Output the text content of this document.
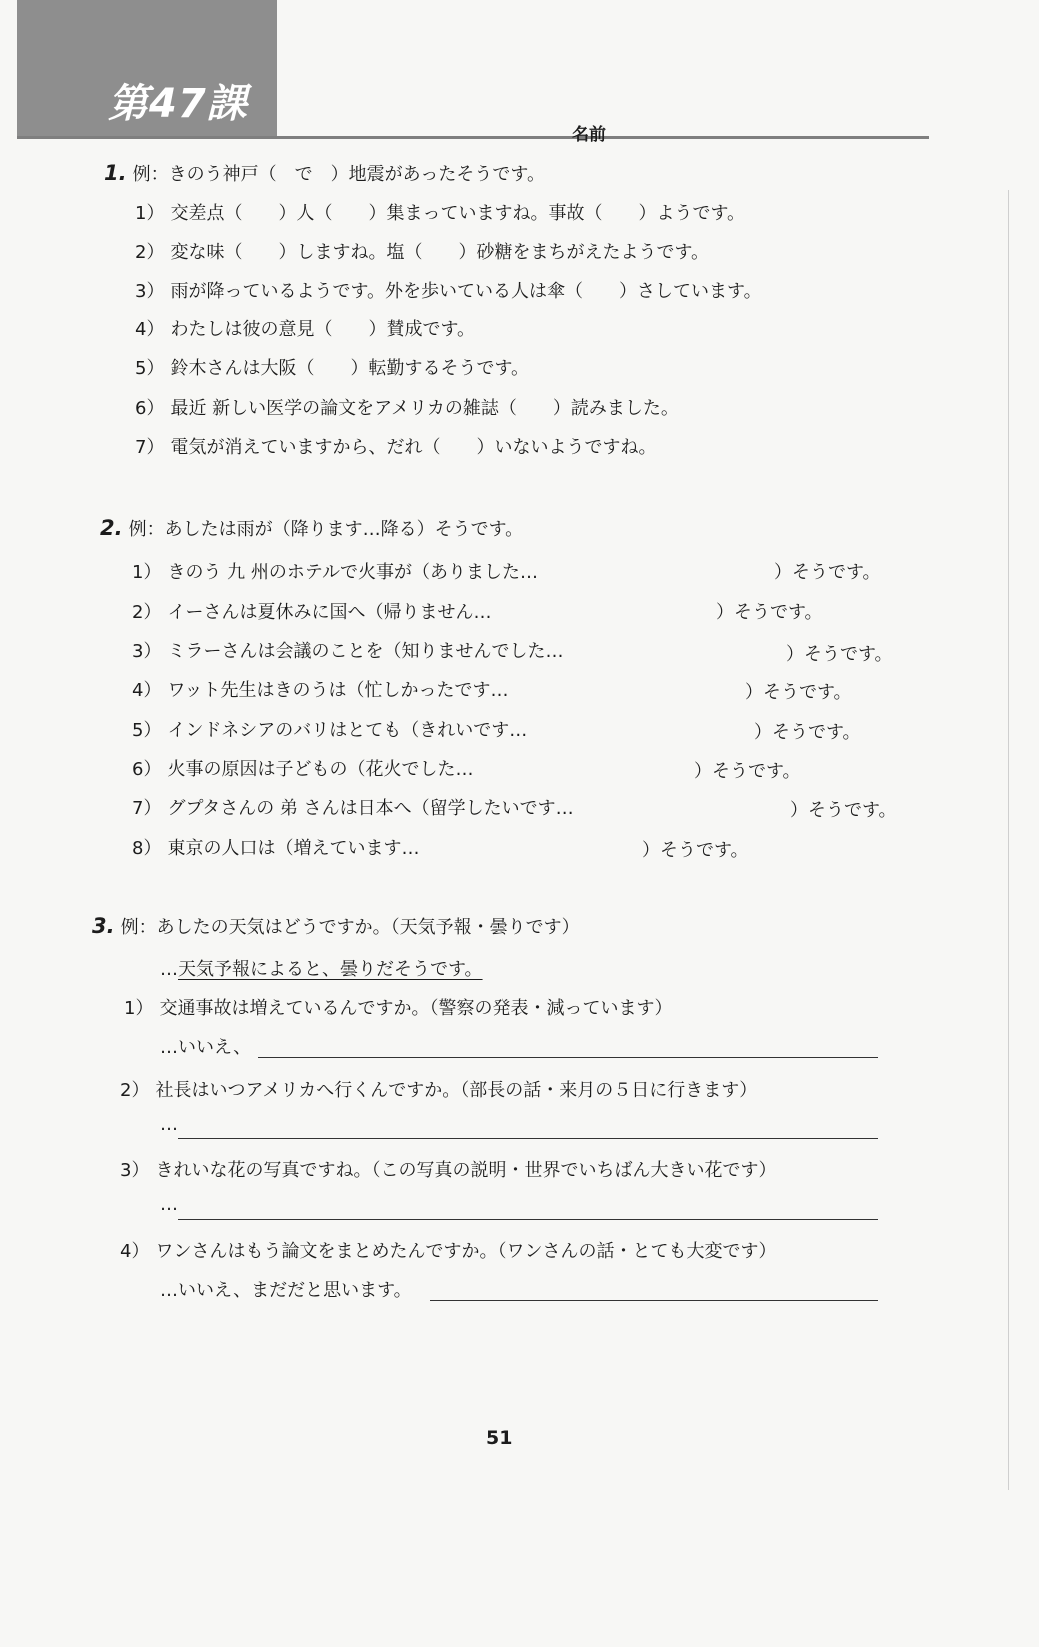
第47課
名前
1. 例：きのう神戸（　で　）地震があったそうです。
1） 交差点（　　）人（　　）集まっていますね。事故（　　）ようです。
2） 変な味（　　）しますね。塩（　　）砂糖をまちがえたようです。
3） 雨が降っているようです。外を歩いている人は傘（　　）さしています。
4） わたしは彼の意見（　　）賛成です。
5） 鈴木さんは大阪（　　）転勤するそうです。
6） 最近 新しい医学の論文をアメリカの雑誌（　　）読みました。
7） 電気が消えていますから、だれ（　　）いないようですね。
2. 例：あしたは雨が（降ります…降る）そうです。
1） きのう 九 州のホテルで火事が（ありました…	）そうです。
2） イーさんは夏休みに国へ（帰りません…	）そうです。
3） ミラーさんは会議のことを（知りませんでした…	）そうです。
4） ワット先生はきのうは（忙しかったです…	）そうです。
5） インドネシアのバリはとても（きれいです…	）そうです。
6） 火事の原因は子どもの（花火でした…	）そうです。
7） グプタさんの 弟 さんは日本へ（留学したいです…	）そうです。
8） 東京の人口は（増えています…	）そうです。
3. 例：あしたの天気はどうですか。（天気予報・曇りです）
…天気予報によると、曇りだそうです。
1） 交通事故は増えているんですか。（警察の発表・減っています）
…いいえ、
2） 社長はいつアメリカへ行くんですか。（部長の話・来月の５日に行きます）
…
3） きれいな花の写真ですね。（この写真の説明・世界でいちばん大きい花です）
…
4） ワンさんはもう論文をまとめたんですか。（ワンさんの話・とても大変です）
…いいえ、まだだと思います。
51
